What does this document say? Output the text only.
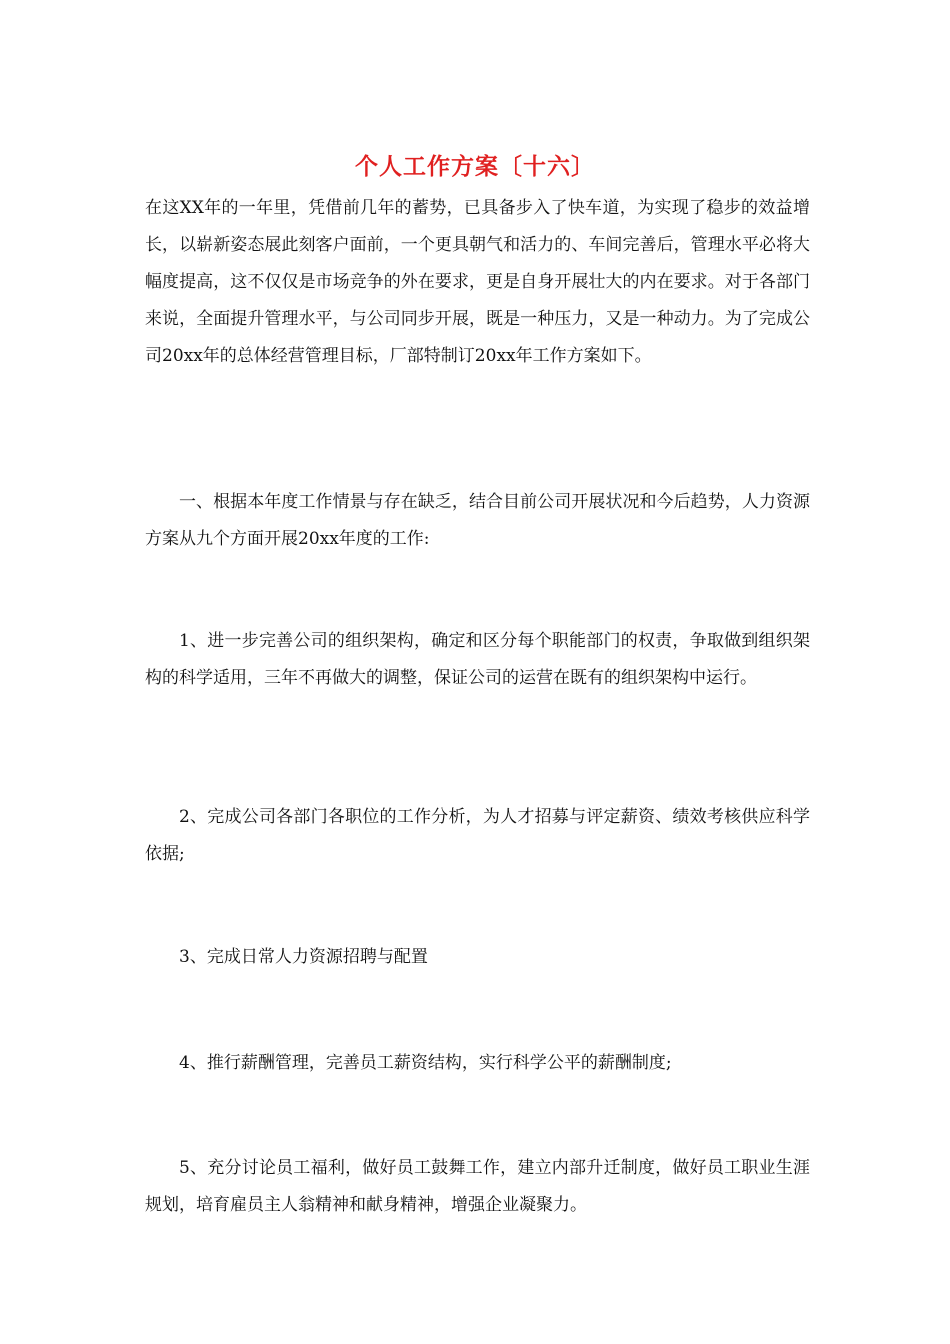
个人工作方案〔十六〕

在这XX年的一年里，凭借前几年的蓄势，已具备步入了快车道，为实现了稳步的效益增长，以崭新姿态展此刻客户面前，一个更具朝气和活力的、车间完善后，管理水平必将大幅度提高，这不仅仅是市场竞争的外在要求，更是自身开展壮大的内在要求。对于各部门来说，全面提升管理水平，与公司同步开展，既是一种压力，又是一种动力。为了完成公司20xx年的总体经营管理目标，厂部特制订20xx年工作方案如下。

一、根据本年度工作情景与存在缺乏，结合目前公司开展状况和今后趋势，人力资源方案从九个方面开展20xx年度的工作:

1、进一步完善公司的组织架构，确定和区分每个职能部门的权责，争取做到组织架构的科学适用，三年不再做大的调整，保证公司的运营在既有的组织架构中运行。

2、完成公司各部门各职位的工作分析，为人才招募与评定薪资、绩效考核供应科学依据;

3、完成日常人力资源招聘与配置

4、推行薪酬管理，完善员工薪资结构，实行科学公平的薪酬制度;

5、充分讨论员工福利，做好员工鼓舞工作，建立内部升迁制度，做好员工职业生涯规划，培育雇员主人翁精神和献身精神，增强企业凝聚力。
